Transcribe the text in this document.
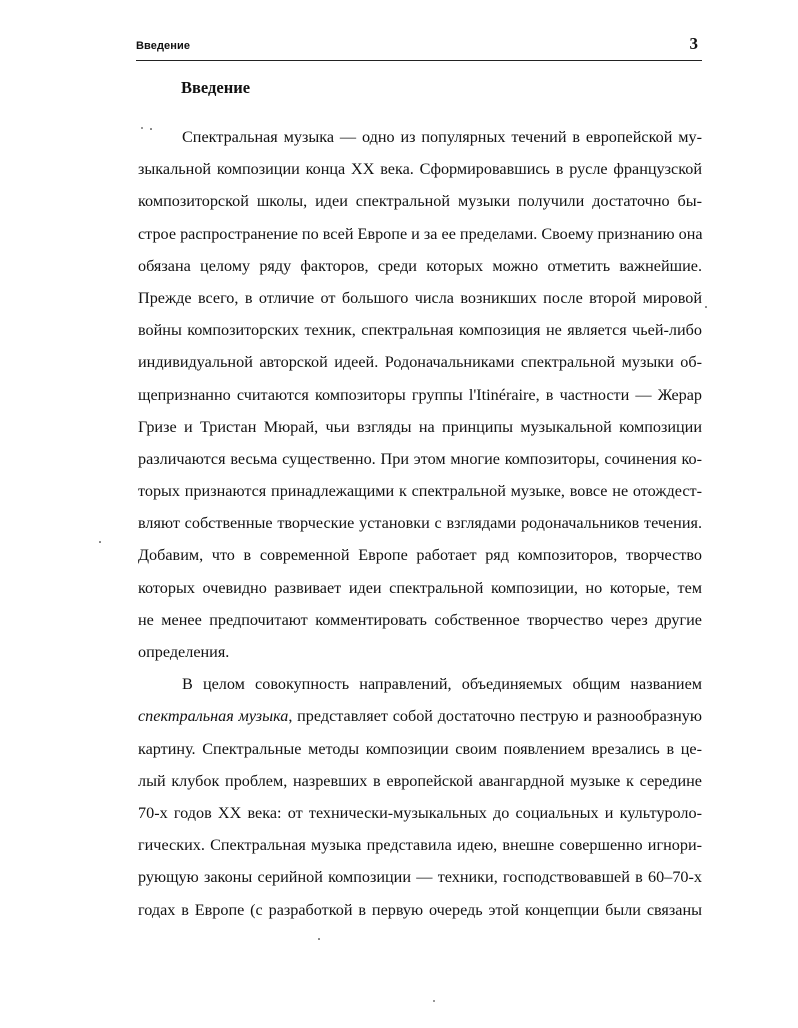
Введение	3
Введение
Спектральная музыка — одно из популярных течений в европейской му-
зыкальной композиции конца XX века. Сформировавшись в русле французской
композиторской школы, идеи спектральной музыки получили достаточно бы-
строе распространение по всей Европе и за ее пределами. Своему признанию она
обязана целому ряду факторов, среди которых можно отметить важнейшие.
Прежде всего, в отличие от большого числа возникших после второй мировой
войны композиторских техник, спектральная композиция не является чьей-либо
индивидуальной авторской идеей. Родоначальниками спектральной музыки об-
щепризнанно считаются композиторы группы l'Itinéraire, в частности — Жерар
Гризе и Тристан Мюрай, чьи взгляды на принципы музыкальной композиции
различаются весьма существенно. При этом многие композиторы, сочинения ко-
торых признаются принадлежащими к спектральной музыке, вовсе не отождест-
вляют собственные творческие установки с взглядами родоначальников течения.
Добавим, что в современной Европе работает ряд композиторов, творчество
которых очевидно развивает идеи спектральной композиции, но которые, тем
не менее предпочитают комментировать собственное творчество через другие
определения.
В целом совокупность направлений, объединяемых общим названием
спектральная музыка, представляет собой достаточно пеструю и разнообразную
картину. Спектральные методы композиции своим появлением врезались в це-
лый клубок проблем, назревших в европейской авангардной музыке к середине
70-х годов XX века: от технически-музыкальных до социальных и культуроло-
гических. Спектральная музыка представила идею, внешне совершенно игнори-
рующую законы серийной композиции — техники, господствовавшей в 60–70-х
годах в Европе (с разработкой в первую очередь этой концепции были связаны
